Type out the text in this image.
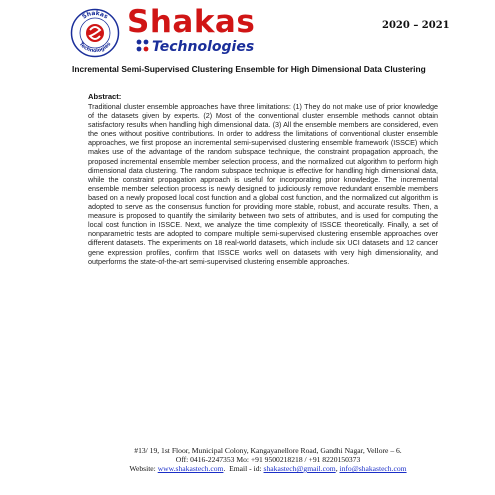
Shakas
Technologies
Shakas
Technologies
2020 – 2021
Incremental Semi-Supervised Clustering Ensemble for High Dimensional Data Clustering
Abstract:

Traditional cluster ensemble approaches have three limitations: (1) They do not make use of prior knowledge of the datasets given by experts. (2) Most of the conventional cluster ensemble methods cannot obtain satisfactory results when handling high dimensional data. (3) All the ensemble members are considered, even the ones without positive contributions. In order to address the limitations of conventional cluster ensemble approaches, we first propose an incremental semi-supervised clustering ensemble framework (ISSCE) which makes use of the advantage of the random subspace technique, the constraint propagation approach, the proposed incremental ensemble member selection process, and the normalized cut algorithm to perform high dimensional data clustering. The random subspace technique is effective for handling high dimensional data, while the constraint propagation approach is useful for incorporating prior knowledge. The incremental ensemble member selection process is newly designed to judiciously remove redundant ensemble members based on a newly proposed local cost function and a global cost function, and the normalized cut algorithm is adopted to serve as the consensus function for providing more stable, robust, and accurate results. Then, a measure is proposed to quantify the similarity between two sets of attributes, and is used for computing the local cost function in ISSCE. Next, we analyze the time complexity of ISSCE theoretically. Finally, a set of nonparametric tests are adopted to compare multiple semi-supervised clustering ensemble approaches over different datasets. The experiments on 18 real-world datasets, which include six UCI datasets and 12 cancer gene expression profiles, confirm that ISSCE works well on datasets with very high dimensionality, and outperforms the state-of-the-art semi-supervised clustering ensemble approaches.

#13/ 19, 1st Floor, Municipal Colony, Kangayanellore Road, Gandhi Nagar, Vellore – 6.
Off: 0416-2247353 Mo: +91 9500218218 / +91 8220150373
Website: www.shakastech.com.  Email - id: shakastech@gmail.com, info@shakastech.com
